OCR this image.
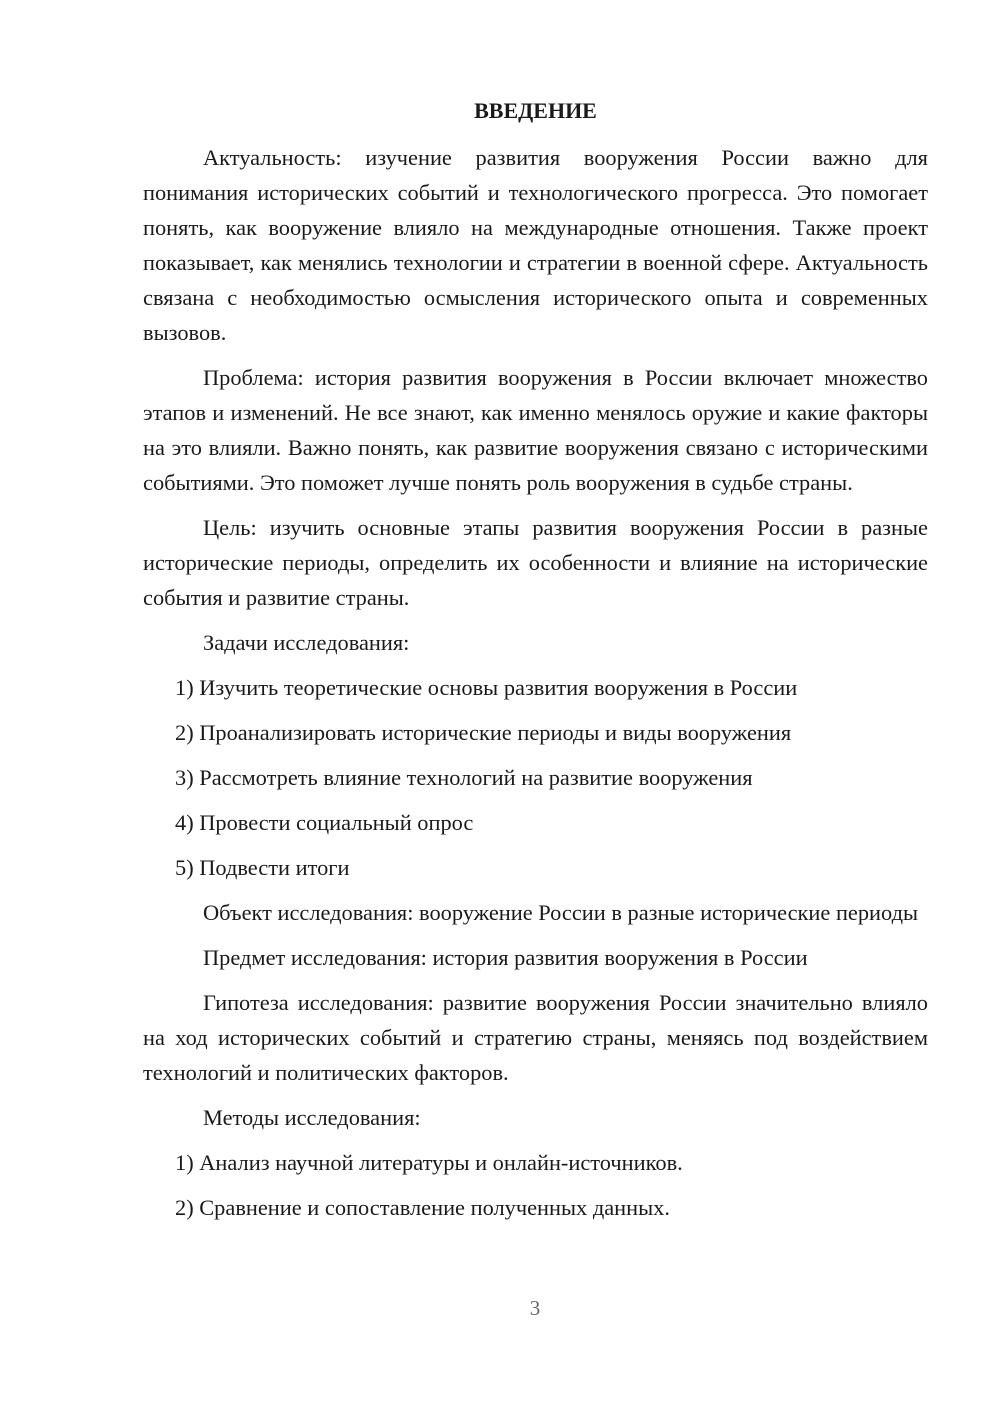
ВВЕДЕНИЕ

Актуальность: изучение развития вооружения России важно для понимания исторических событий и технологического прогресса. Это помогает понять, как вооружение влияло на международные отношения. Также проект показывает, как менялись технологии и стратегии в военной сфере. Актуальность связана с необходимостью осмысления исторического опыта и современных вызовов.

Проблема: история развития вооружения в России включает множество этапов и изменений. Не все знают, как именно менялось оружие и какие факторы на это влияли. Важно понять, как развитие вооружения связано с историческими событиями. Это поможет лучше понять роль вооружения в судьбе страны.

Цель: изучить основные этапы развития вооружения России в разные исторические периоды, определить их особенности и влияние на исторические события и развитие страны.

Задачи исследования:

1) Изучить теоретические основы развития вооружения в России

2) Проанализировать исторические периоды и виды вооружения

3) Рассмотреть влияние технологий на развитие вооружения

4) Провести социальный опрос

5) Подвести итоги

Объект исследования: вооружение России в разные исторические периоды

Предмет исследования: история развития вооружения в России

Гипотеза исследования: развитие вооружения России значительно влияло на ход исторических событий и стратегию страны, меняясь под воздействием технологий и политических факторов.

Методы исследования:

1) Анализ научной литературы и онлайн-источников.

2) Сравнение и сопоставление полученных данных.

3
